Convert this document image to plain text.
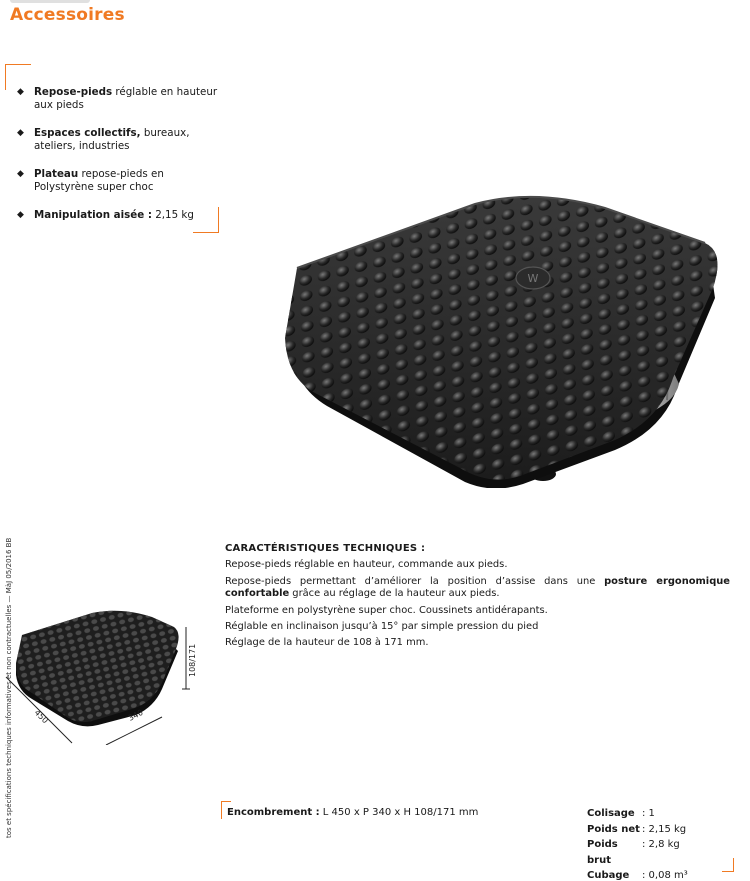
Accessoires
◆ Repose-pieds réglable en hauteur aux pieds
◆ Espaces collectifs, bureaux, ateliers, industries
◆ Plateau repose-pieds en Polystyrène super choc
◆ Manipulation aisée : 2,15 kg
W
450	340
108/171
tos et spécifications techniques informatives et non contractuelles — MàJ 05/2016 BB	CARACTÉRISTIQUES TECHNIQUES :

Repose-pieds réglable en hauteur, commande aux pieds.

Repose-pieds permettant d’améliorer la position d’assise dans une posture ergonomique confortable grâce au réglage de la hauteur aux pieds.

Plateforme en polystyrène super choc. Coussinets antidérapants.

Réglable en inclinaison jusqu’à 15° par simple pression du pied

Réglage de la hauteur de 108 à 171 mm.

Encombrement : L 450 x P 340 x H 108/171 mm	Colisage : 1
Poids net : 2,15 kg
Poids brut
: 2,8 kg
Cubage	: 0,08 m³
